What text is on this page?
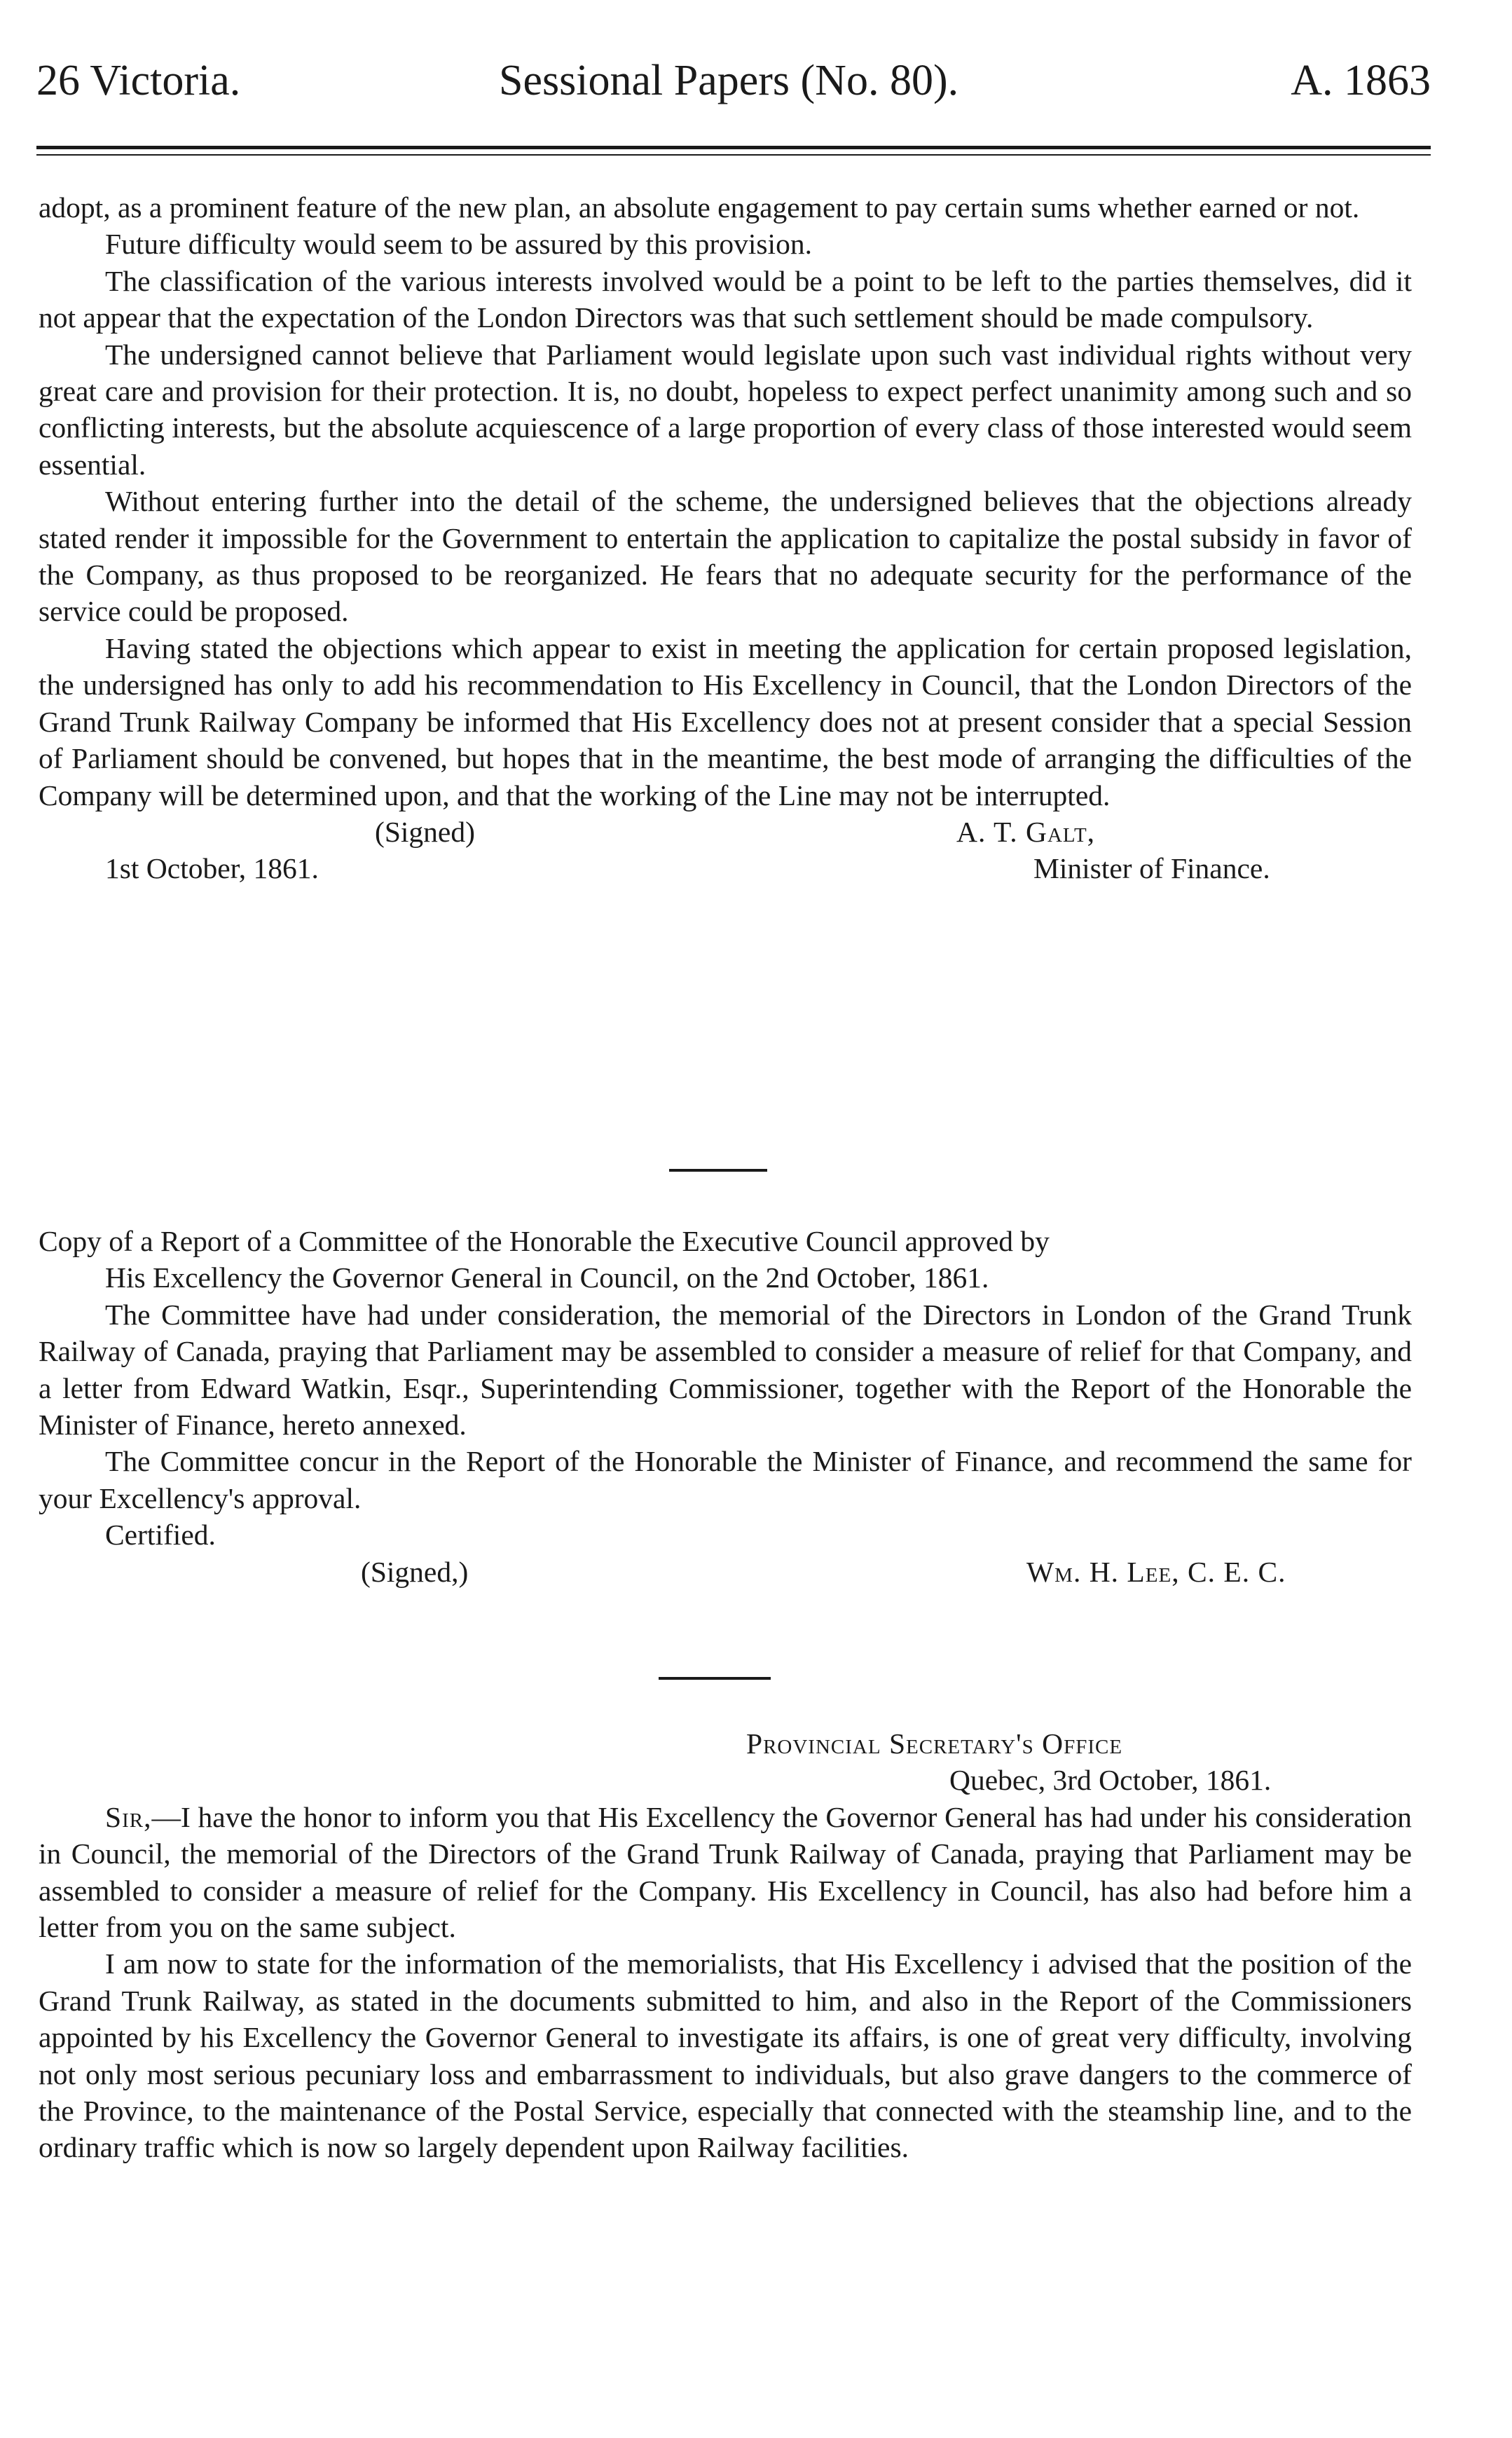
26 Victoria.	Sessional Papers (No. 80).	A. 1863

adopt, as a prominent feature of the new plan, an absolute engagement to pay certain sums whether earned or not.

Future difficulty would seem to be assured by this provision.

The classification of the various interests involved would be a point to be left to the parties themselves, did it not appear that the expectation of the London Directors was that such settlement should be made compulsory.

The undersigned cannot believe that Parliament would legislate upon such vast individual rights without very great care and provision for their protection. It is, no doubt, hopeless to expect perfect unanimity among such and so conflicting interests, but the absolute acquiescence of a large proportion of every class of those interested would seem essential.

Without entering further into the detail of the scheme, the undersigned believes that the objections already stated render it impossible for the Government to entertain the application to capitalize the postal subsidy in favor of the Company, as thus proposed to be reorganized. He fears that no adequate security for the performance of the service could be proposed.

Having stated the objections which appear to exist in meeting the application for certain proposed legislation, the undersigned has only to add his recommendation to His Excellency in Council, that the London Directors of the Grand Trunk Railway Company be informed that His Excellency does not at present consider that a special Session of Parliament should be convened, but hopes that in the meantime, the best mode of arranging the difficulties of the Company will be determined upon, and that the working of the Line may not be interrupted.

(Signed)	A. T. Galt,
1st October, 1861.	Minister of Finance.

Copy of a Report of a Committee of the Honorable the Executive Council approved by

His Excellency the Governor General in Council, on the 2nd October, 1861.

The Committee have had under consideration, the memorial of the Directors in London of the Grand Trunk Railway of Canada, praying that Parliament may be assembled to consider a measure of relief for that Company, and a letter from Edward Watkin, Esqr., Superintending Commissioner, together with the Report of the Honorable the Minister of Finance, hereto annexed.

The Committee concur in the Report of the Honorable the Minister of Finance, and recommend the same for your Excellency's approval.

Certified.

(Signed,)	Wm. H. Lee, C. E. C.
Provincial Secretary's Office
Quebec, 3rd October, 1861.

Sir,—I have the honor to inform you that His Excellency the Governor General has had under his consideration in Council, the memorial of the Directors of the Grand Trunk Railway of Canada, praying that Parliament may be assembled to consider a measure of relief for the Company. His Excellency in Council, has also had before him a letter from you on the same subject.

I am now to state for the information of the memorialists, that His Excellency i advised that the position of the Grand Trunk Railway, as stated in the documents submitted to him, and also in the Report of the Commissioners appointed by his Excellency the Governor General to investigate its affairs, is one of great very difficulty, involving not only most serious pecuniary loss and embarrassment to individuals, but also grave dangers to the commerce of the Province, to the maintenance of the Postal Service, especially that connected with the steamship line, and to the ordinary traffic which is now so largely dependent upon Railway facilities.
